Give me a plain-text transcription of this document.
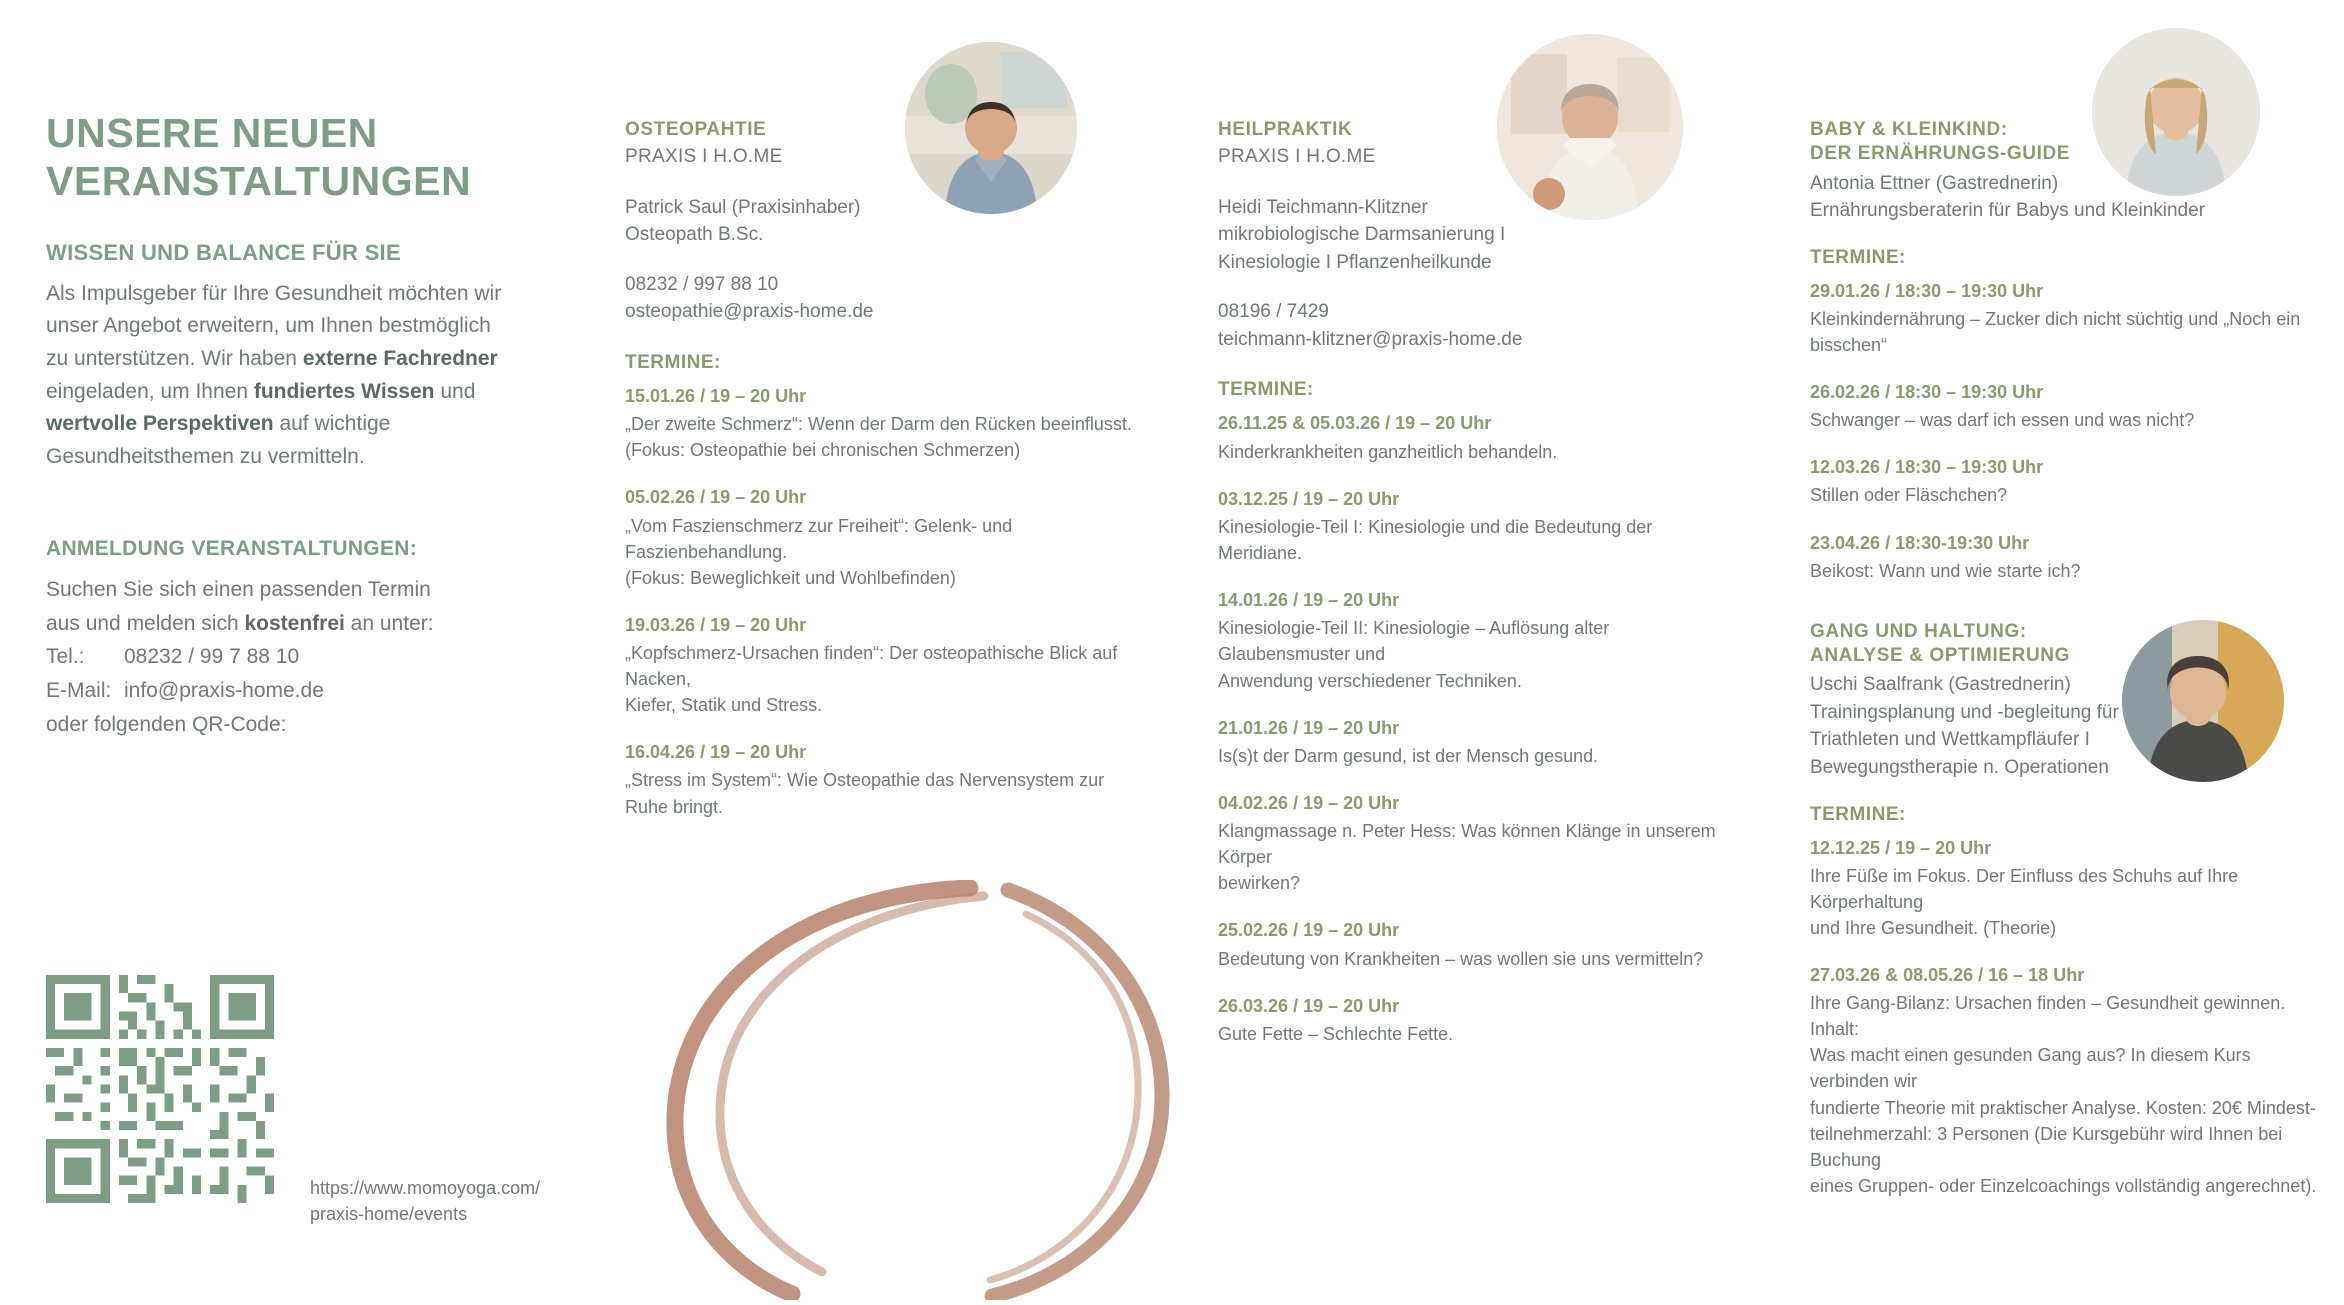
UNSERE NEUEN
VERANSTALTUNGEN
WISSEN UND BALANCE FÜR SIE

Als Impulsgeber für Ihre Gesundheit möchten wir unser Angebot erweitern, um Ihnen bestmöglich zu unterstützen. Wir haben externe Fachredner eingeladen, um Ihnen fundiertes Wissen und wertvolle Perspektiven auf wichtige Gesundheitsthemen zu vermitteln.

ANMELDUNG VERANSTALTUNGEN:
Suchen Sie sich einen passenden Termin
aus und melden sich kostenfrei an unter:
Tel.:	08232 / 99 7 88 10
E-Mail: info@praxis-home.de
oder folgenden QR-Code:
https://www.momoyoga.com/
praxis-home/events
OSTEOPAHTIE
PRAXIS I H.O.ME
Patrick Saul (Praxisinhaber)
Osteopath B.Sc.
08232 / 997 88 10
osteopathie@praxis-home.de
TERMINE:
15.01.26 / 19 – 20 Uhr
„Der zweite Schmerz“: Wenn der Darm den Rücken beeinflusst.
(Fokus: Osteopathie bei chronischen Schmerzen)
05.02.26 / 19 – 20 Uhr
„Vom Faszienschmerz zur Freiheit“: Gelenk- und Faszienbehandlung.
(Fokus: Beweglichkeit und Wohlbefinden)
19.03.26 / 19 – 20 Uhr
„Kopfschmerz-Ursachen finden“: Der osteopathische Blick auf Nacken,
Kiefer, Statik und Stress.
16.04.26 / 19 – 20 Uhr
„Stress im System“: Wie Osteopathie das Nervensystem zur Ruhe bringt.
HEILPRAKTIK
PRAXIS I H.O.ME
Heidi Teichmann-Klitzner
mikrobiologische Darmsanierung I
Kinesiologie I Pflanzenheilkunde
08196 / 7429
teichmann-klitzner@praxis-home.de
TERMINE:
26.11.25 & 05.03.26 / 19 – 20 Uhr
Kinderkrankheiten ganzheitlich behandeln.
03.12.25 / 19 – 20 Uhr
Kinesiologie-Teil I: Kinesiologie und die Bedeutung der Meridiane.
14.01.26 / 19 – 20 Uhr
Kinesiologie-Teil II: Kinesiologie – Auflösung alter Glaubensmuster und
Anwendung verschiedener Techniken.
21.01.26 / 19 – 20 Uhr
Is(s)t der Darm gesund, ist der Mensch gesund.
04.02.26 / 19 – 20 Uhr
Klangmassage n. Peter Hess: Was können Klänge in unserem Körper
bewirken?
25.02.26 / 19 – 20 Uhr
Bedeutung von Krankheiten – was wollen sie uns vermitteln?
26.03.26 / 19 – 20 Uhr
Gute Fette – Schlechte Fette.
BABY & KLEINKIND:
DER ERNÄHRUNGS-GUIDE
Antonia Ettner (Gastrednerin)
Ernährungsberaterin für Babys und Kleinkinder
TERMINE:
29.01.26 / 18:30 – 19:30 Uhr
Kleinkindernährung – Zucker dich nicht süchtig und „Noch ein bisschen“
26.02.26 / 18:30 – 19:30 Uhr
Schwanger – was darf ich essen und was nicht?
12.03.26 / 18:30 – 19:30 Uhr
Stillen oder Fläschchen?
23.04.26 / 18:30-19:30 Uhr
Beikost: Wann und wie starte ich?
GANG UND HALTUNG:
ANALYSE & OPTIMIERUNG
Uschi Saalfrank (Gastrednerin)
Trainingsplanung und -begleitung für
Triathleten und Wettkampfläufer I
Bewegungstherapie n. Operationen
TERMINE:
12.12.25 / 19 – 20 Uhr
Ihre Füße im Fokus. Der Einfluss des Schuhs auf Ihre Körperhaltung
und Ihre Gesundheit. (Theorie)
27.03.26 & 08.05.26 / 16 – 18 Uhr
Ihre Gang-Bilanz: Ursachen finden – Gesundheit gewinnen. Inhalt:
Was macht einen gesunden Gang aus? In diesem Kurs verbinden wir
fundierte Theorie mit praktischer Analyse. Kosten: 20€ Mindest-
teilnehmerzahl: 3 Personen (Die Kursgebühr wird Ihnen bei Buchung
eines Gruppen- oder Einzelcoachings vollständig angerechnet).
